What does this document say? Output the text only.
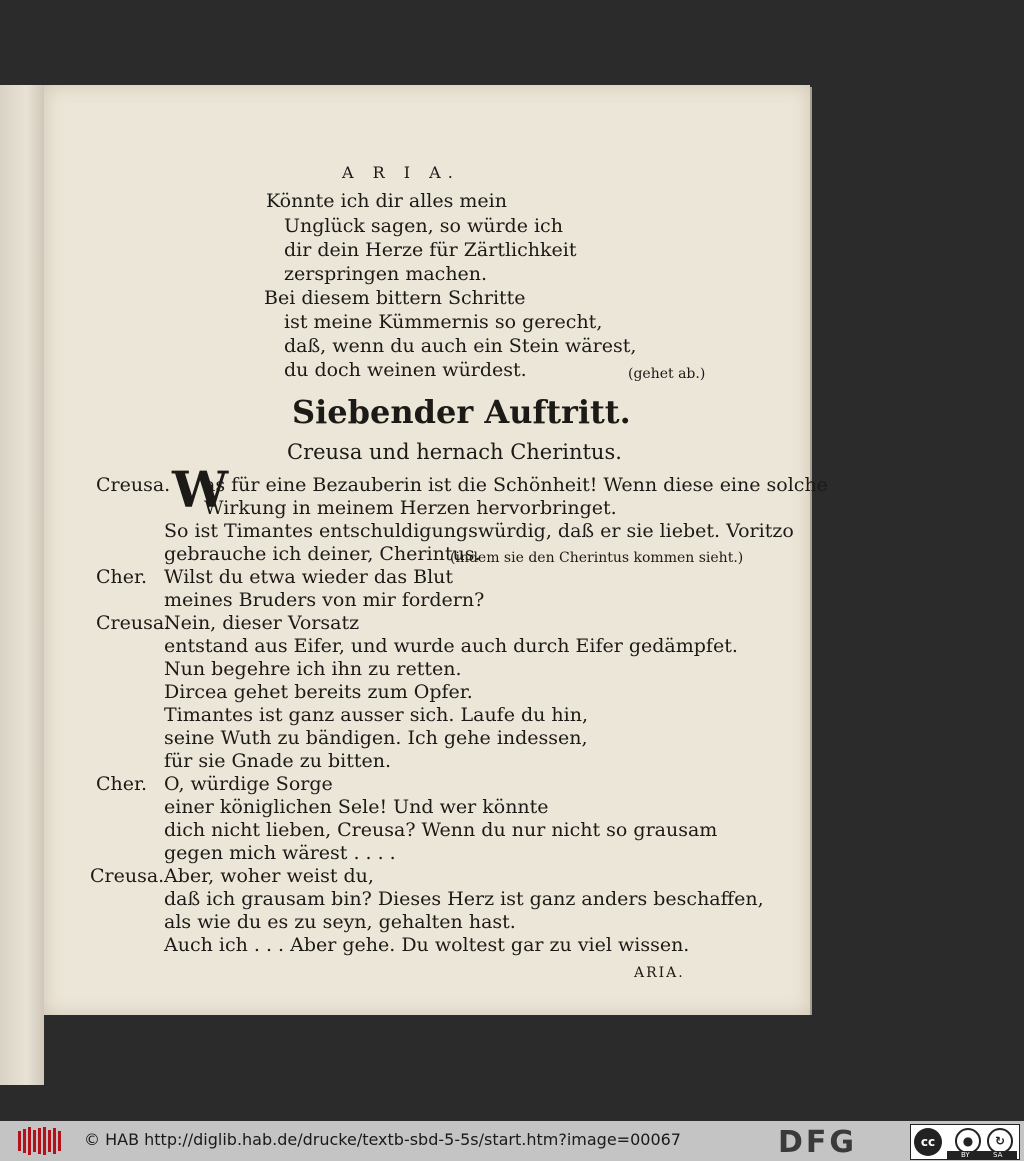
A R I A.
Könnte ich dir alles mein
Unglück sagen, so würde ich
dir dein Herze für Zärtlichkeit
zerspringen machen.
Bei diesem bittern Schritte
ist meine Kümmernis so gerecht,
daß, wenn du auch ein Stein wärest,
du doch weinen würdest.	(gehet ab.)
Siebender Auftritt.
Creusa und hernach Cherintus.
Creusa. W
as für eine Bezauberin ist die Schönheit! Wenn diese eine solche
Wirkung in meinem Herzen hervorbringet.
So ist Timantes entschuldigungswürdig, daß er sie liebet. Voritzo
gebrauche ich deiner, Cherintus.
(indem sie den Cherintus kommen sieht.)
Cher. Wilst du etwa wieder das Blut
meines Bruders von mir fordern?
Creusa.
Nein, dieser Vorsatz
entstand aus Eifer, und wurde auch durch Eifer gedämpfet.
Nun begehre ich ihn zu retten.
Dircea gehet bereits zum Opfer.
Timantes ist ganz ausser sich. Laufe du hin,
seine Wuth zu bändigen. Ich gehe indessen,
für sie Gnade zu bitten.
Cher. O, würdige Sorge
einer königlichen Sele! Und wer könnte
dich nicht lieben, Creusa? Wenn du nur nicht so grausam
gegen mich wärest . . . .
Creusa. Aber, woher weist du,
daß ich grausam bin? Dieses Herz ist ganz anders beschaffen,
als wie du es zu seyn, gehalten hast.
Auch ich . . . Aber gehe. Du woltest gar zu viel wissen.
ARIA.
© HAB http://diglib.hab.de/drucke/textb-sbd-5-5s/start.htm?image=00067	DFG	cc	●	↻
BY	SA
